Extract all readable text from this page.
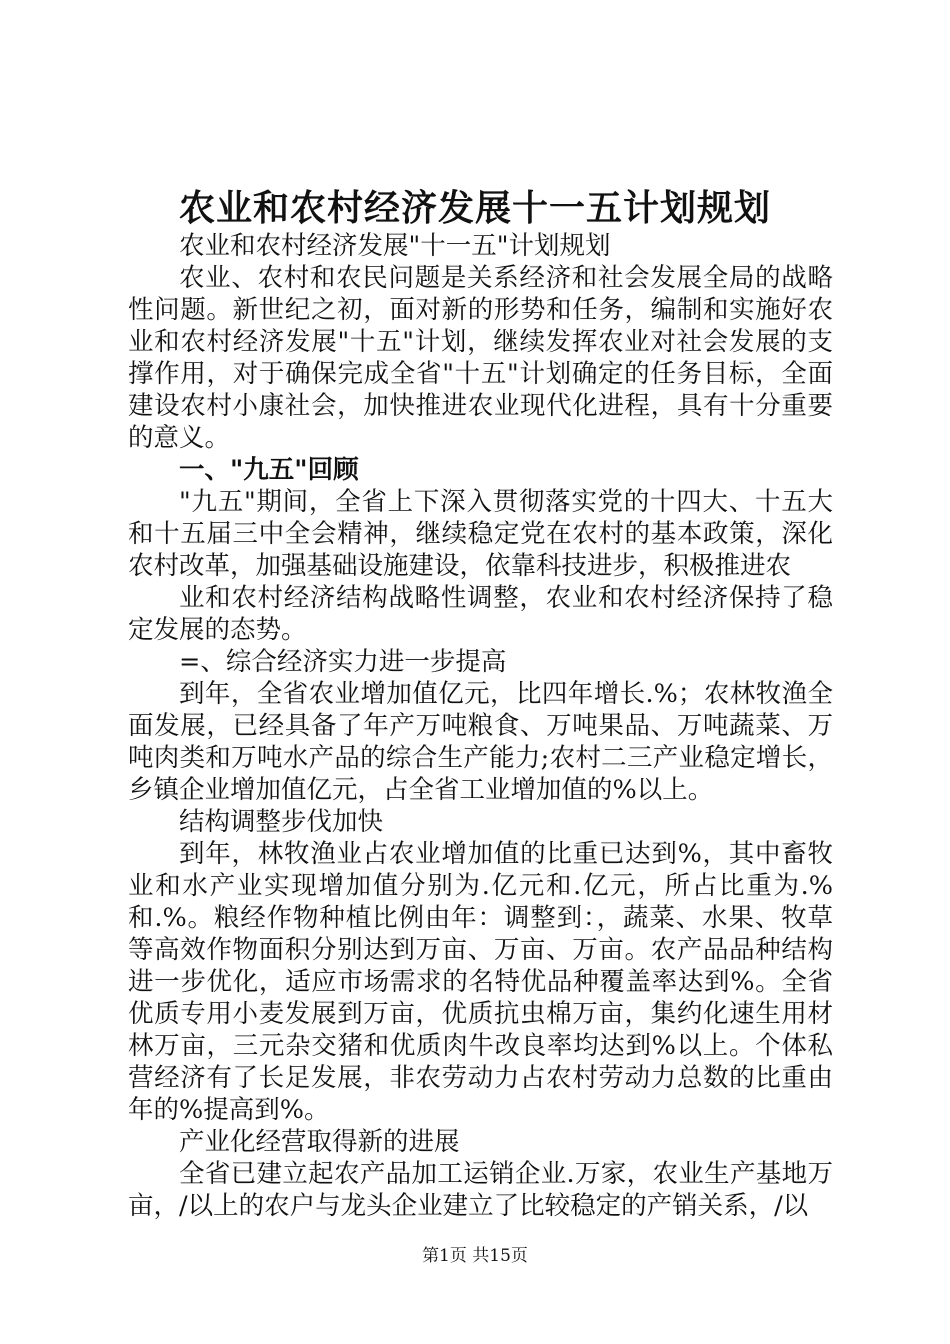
农业和农村经济发展十一五计划规划

农业和农村经济发展"十一五"计划规划

农业、农村和农民问题是关系经济和社会发展全局的战略性问题。新世纪之初，面对新的形势和任务，编制和实施好农业和农村经济发展"十五"计划，继续发挥农业对社会发展的支撑作用，对于确保完成全省"十五"计划确定的任务目标，全面建设农村小康社会，加快推进农业现代化进程，具有十分重要的意义。

一、"九五"回顾

"九五"期间，全省上下深入贯彻落实党的十四大、十五大和十五届三中全会精神，继续稳定党在农村的基本政策，深化农村改革，加强基础设施建设，依靠科技进步，积极推进农

业和农村经济结构战略性调整，农业和农村经济保持了稳定发展的态势。

=、综合经济实力进一步提高

到年，全省农业增加值亿元，比四年增长.%；农林牧渔全面发展，已经具备了年产万吨粮食、万吨果品、万吨蔬菜、万吨肉类和万吨水产品的综合生产能力;农村二三产业稳定增长，乡镇企业增加值亿元，占全省工业增加值的%以上。

结构调整步伐加快

到年，林牧渔业占农业增加值的比重已达到%，其中畜牧业和水产业实现增加值分别为.亿元和.亿元，所占比重为.%和.%。粮经作物种植比例由年：调整到：，蔬菜、水果、牧草等高效作物面积分别达到万亩、万亩、万亩。农产品品种结构进一步优化，适应市场需求的名特优品种覆盖率达到%。全省优质专用小麦发展到万亩，优质抗虫棉万亩，集约化速生用材林万亩，三元杂交猪和优质肉牛改良率均达到%以上。个体私营经济有了长足发展，非农劳动力占农村劳动力总数的比重由年的%提高到%。

产业化经营取得新的进展

全省已建立起农产品加工运销企业.万家，农业生产基地万亩，/以上的农户与龙头企业建立了比较稳定的产销关系，/以

第1页 共15页
